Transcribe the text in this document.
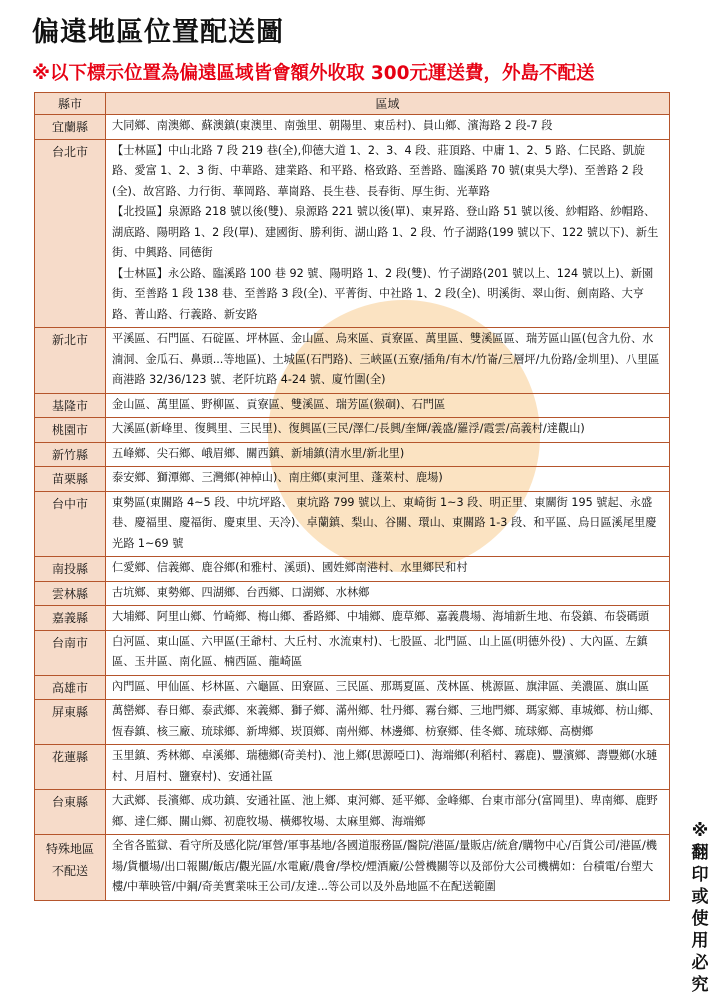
偏遠地區位置配送圖
※以下標示位置為偏遠區域皆會額外收取 300元運送費，外島不配送
縣市	區域
宜蘭縣	大同鄉、南澳鄉、蘇澳鎮(東澳里、南強里、朝陽里、東岳村)、員山鄉、濱海路 2 段-7 段

台北市	【士林區】中山北路 7 段 219 巷(全),仰德大道 1、2、3、4 段、莊頂路、中庸 1、2、5 路、仁民路、凱旋路、愛富 1、2、3 街、中華路、建業路、和平路、格致路、至善路、臨溪路 70 號(東吳大學)、至善路 2 段(全)、故宮路、力行街、華岡路、華崗路、長生巷、長春街、厚生街、光華路
【北投區】泉源路 218 號以後(雙)、泉源路 221 號以後(單)、東昇路、登山路 51 號以後、紗帽路、紗帽路、湖底路、陽明路 1、2 段(單)、建國街、勝利街、湖山路 1、2 段、竹子湖路(199 號以下、122 號以下)、新生街、中興路、同德街
【士林區】永公路、臨溪路 100 巷 92 號、陽明路 1、2 段(雙)、竹子湖路(201 號以上、124 號以上)、新園街、至善路 1 段 138 巷、至善路 3 段(全)、平菁街、中社路 1、2 段(全)、明溪街、翠山街、劍南路、大亨路、菁山路、行義路、新安路

新北市	平溪區、石門區、石碇區、坪林區、金山區、烏來區、貢寮區、萬里區、雙溪區區、瑞芳區山區(包含九份、水湳洞、金瓜石、鼻頭...等地區)、土城區(石門路)、三峽區(五寮/插角/有木/竹崙/三層坪/九份路/金圳里)、八里區商港路 32/36/123 號、老阡坑路 4-24 號、廈竹圍(全)

基隆市	金山區、萬里區、野柳區、貢寮區、雙溪區、瑞芳區(猴硐)、石門區

桃園市	大溪區(新峰里、復興里、三民里)、復興區(三民/澤仁/長興/奎輝/義盛/羅浮/霞雲/高義村/達觀山)

新竹縣	五峰鄉、尖石鄉、峨眉鄉、關西鎮、新埔鎮(清水里/新北里)

苗栗縣	泰安鄉、獅潭鄉、三灣鄉(神棹山)、南庄鄉(東河里、蓬萊村、鹿場)

台中市	東勢區(東關路 4~5 段、中坑坪路、 東坑路 799 號以上、東崎街 1~3 段、明正里、東關街 195 號起、永盛巷、慶福里、慶福街、慶東里、天冷)、卓蘭鎮、梨山、谷關、環山、東關路 1-3 段、和平區、烏日區溪尾里慶光路 1~69 號

南投縣	仁愛鄉、信義鄉、鹿谷鄉(和雅村、溪頭)、國姓鄉南港村、水里鄉民和村

雲林縣	古坑鄉、東勢鄉、四湖鄉、台西鄉、口湖鄉、水林鄉

嘉義縣	大埔鄉、阿里山鄉、竹崎鄉、梅山鄉、番路鄉、中埔鄉、鹿草鄉、嘉義農場、海埔新生地、布袋鎮、布袋碼頭

台南市	白河區、東山區、六甲區(王爺村、大丘村、水流東村)、七股區、北門區、山上區(明德外役) 、大內區、左鎮區、玉井區、南化區、楠西區、龍崎區

高雄市	內門區、甲仙區、杉林區、六龜區、田寮區、三民區、那瑪夏區、茂林區、桃源區、旗津區、美濃區、旗山區

屏東縣	萬巒鄉、春日鄉、泰武鄉、來義鄉、獅子鄉、滿州鄉、牡丹鄉、霧台鄉、三地門鄉、瑪家鄉、車城鄉、枋山鄉、恆春鎮、核三廠、琉球鄉、新埤鄉、崁頂鄉、南州鄉、林邊鄉、枋寮鄉、佳冬鄉、琉球鄉、高樹鄉

花蓮縣	玉里鎮、秀林鄉、卓溪鄉、瑞穗鄉(奇美村)、池上鄉(思源啞口)、海端鄉(利稻村、霧鹿)、豐濱鄉、壽豐鄉(水璉村、月眉村、鹽寮村)、安通社區

台東縣	大武鄉、長濱鄉、成功鎮、安通社區、池上鄉、東河鄉、延平鄉、金峰鄉、台東市部分(富岡里)、卑南鄉、鹿野鄉、達仁鄉、關山鄉、初鹿牧場、橫郷牧場、太麻里鄉、海端鄉

特殊地區不配送	全省各監獄、看守所及感化院/軍營/軍事基地/各國道服務區/醫院/港區/量販店/統倉/購物中心/百貨公司/港區/機場/貨櫃場/出口報關/飯店/觀光區/水電廠/農會/學校/煙酒廠/公營機關等以及部份大公司機構如：台積電/台塑大樓/中華映管/中鋼/奇美實業味王公司/友達...等公司以及外島地區不在配送範圍
※
翻
印
或
使
用
必
究
